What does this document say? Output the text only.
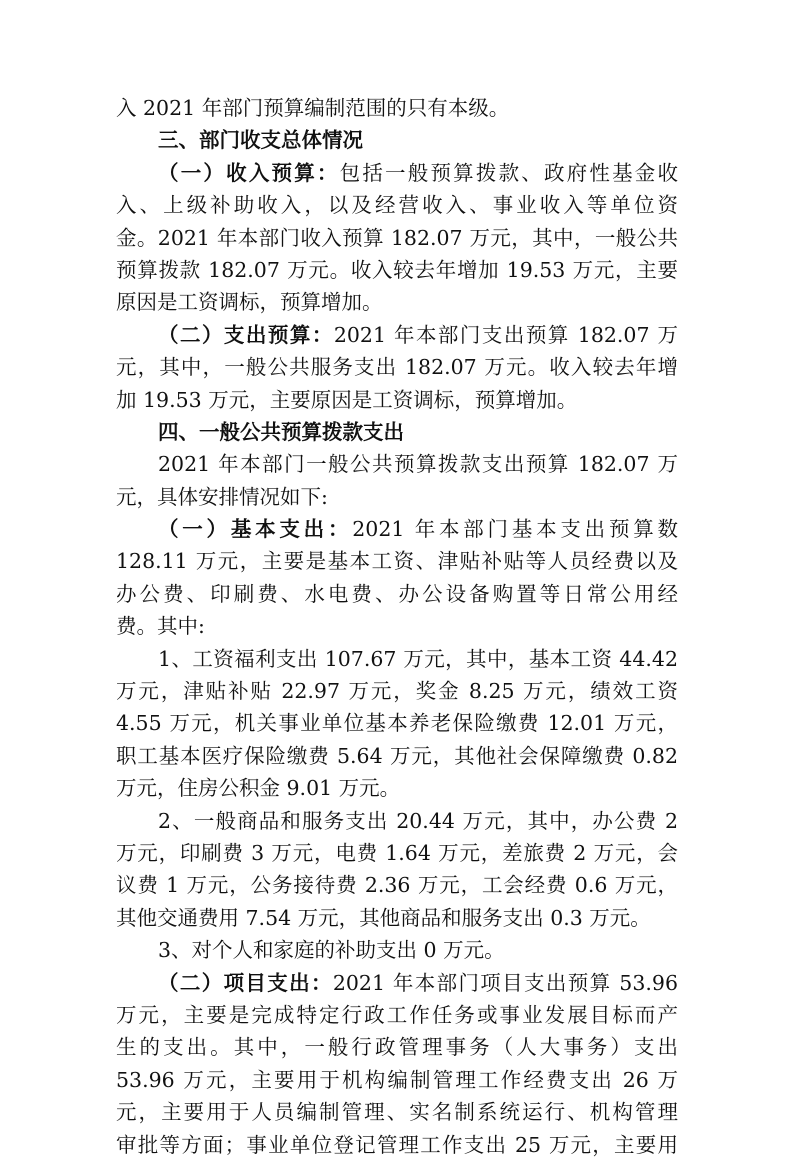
入 2021 年部门预算编制范围的只有本级。
三、部门收支总体情况
（一）收入预算：包括一般预算拨款、政府性基金收
入、上级补助收入，以及经营收入、事业收入等单位资
金。2021 年本部门收入预算 182.07 万元，其中，一般公共
预算拨款 182.07 万元。收入较去年增加 19.53 万元，主要
原因是工资调标，预算增加。
（二）支出预算：2021 年本部门支出预算 182.07 万
元，其中，一般公共服务支出 182.07 万元。收入较去年增
加 19.53 万元，主要原因是工资调标，预算增加。
四、一般公共预算拨款支出
2021 年本部门一般公共预算拨款支出预算 182.07 万
元，具体安排情况如下:
（一）基本支出：2021 年本部门基本支出预算数
128.11 万元，主要是基本工资、津贴补贴等人员经费以及
办公费、印刷费、水电费、办公设备购置等日常公用经
费。其中:
1、工资福利支出 107.67 万元，其中，基本工资 44.42
万元，津贴补贴 22.97 万元，奖金 8.25 万元，绩效工资
4.55 万元，机关事业单位基本养老保险缴费 12.01 万元，
职工基本医疗保险缴费 5.64 万元，其他社会保障缴费 0.82
万元，住房公积金 9.01 万元。
2、一般商品和服务支出 20.44 万元，其中，办公费 2
万元，印刷费 3 万元，电费 1.64 万元，差旅费 2 万元，会
议费 1 万元，公务接待费 2.36 万元，工会经费 0.6 万元，
其他交通费用 7.54 万元，其他商品和服务支出 0.3 万元。
3、对个人和家庭的补助支出 0 万元。
（二）项目支出：2021 年本部门项目支出预算 53.96
万元，主要是完成特定行政工作任务或事业发展目标而产
生的支出。其中，一般行政管理事务（人大事务）支出
53.96 万元，主要用于机构编制管理工作经费支出 26 万
元，主要用于人员编制管理、实名制系统运行、机构管理
审批等方面；事业单位登记管理工作支出 25 万元，主要用
